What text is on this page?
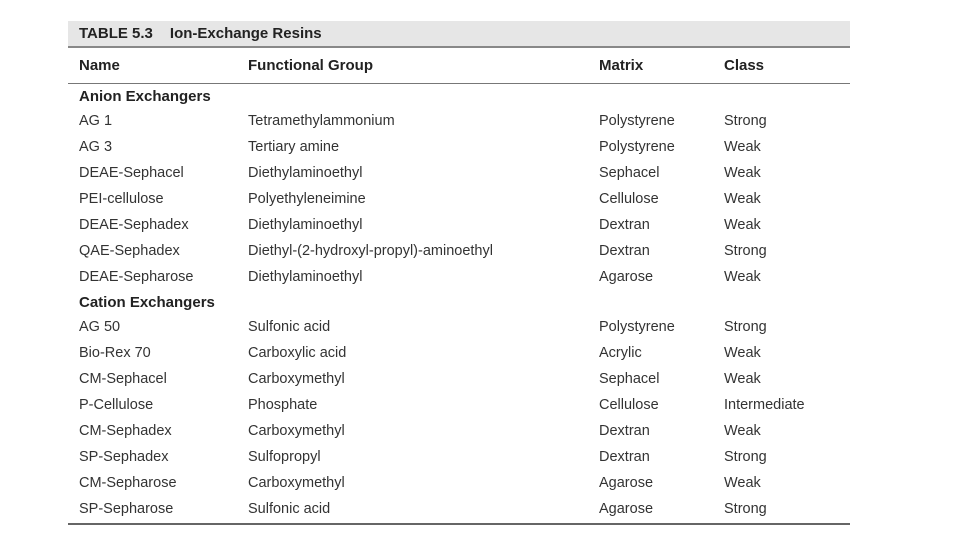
TABLE 5.3 Ion-Exchange Resins
Name	Functional Group	Matrix	Class
Anion Exchangers
AG 1	Tetramethylammonium	Polystyrene	Strong
AG 3	Tertiary amine	Polystyrene	Weak
DEAE-Sephacel	Diethylaminoethyl	Sephacel	Weak
PEI-cellulose	Polyethyleneimine	Cellulose	Weak
DEAE-Sephadex	Diethylaminoethyl	Dextran	Weak
QAE-Sephadex	Diethyl-(2-hydroxyl-propyl)-aminoethyl	Dextran	Strong
DEAE-Sepharose	Diethylaminoethyl	Agarose	Weak
Cation Exchangers
AG 50	Sulfonic acid	Polystyrene	Strong
Bio-Rex 70	Carboxylic acid	Acrylic	Weak
CM-Sephacel	Carboxymethyl	Sephacel	Weak
P-Cellulose	Phosphate	Cellulose	Intermediate
CM-Sephadex	Carboxymethyl	Dextran	Weak
SP-Sephadex	Sulfopropyl	Dextran	Strong
CM-Sepharose	Carboxymethyl	Agarose	Weak
SP-Sepharose	Sulfonic acid	Agarose	Strong
